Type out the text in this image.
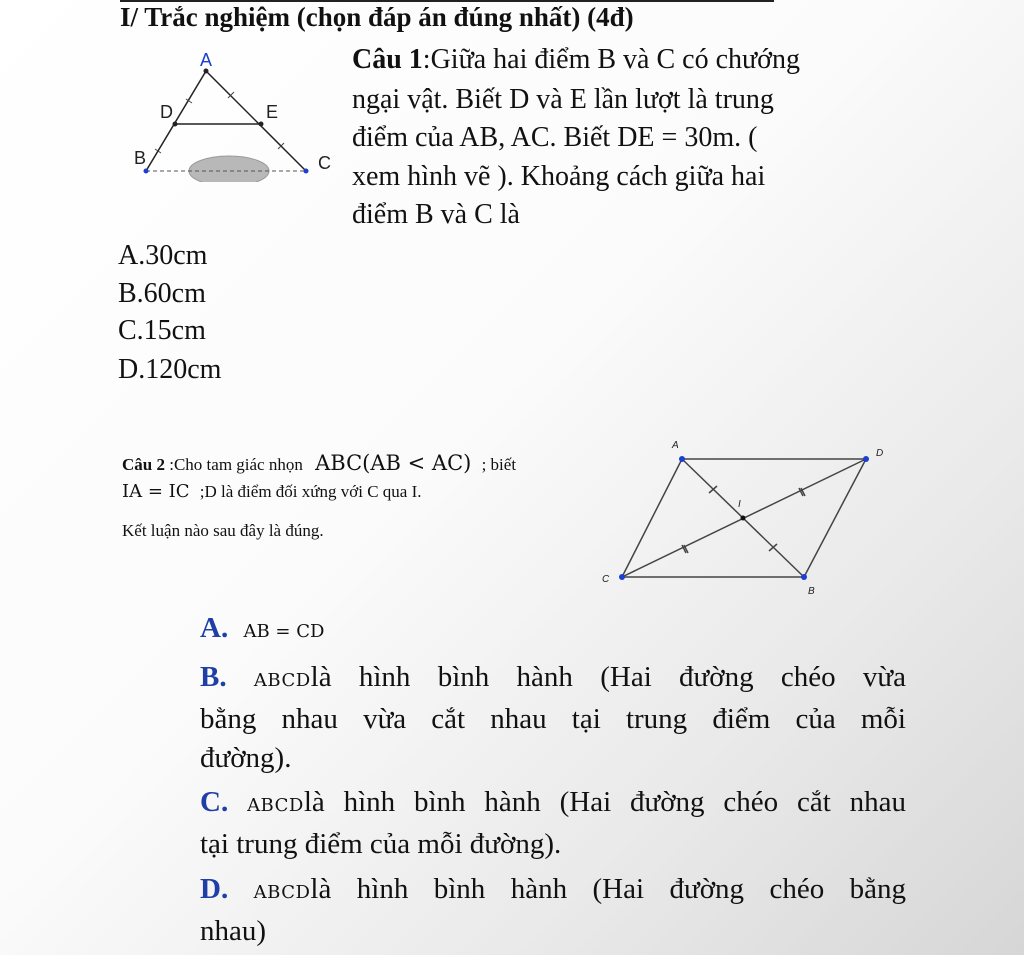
I/ Trắc nghiệm (chọn đáp án đúng nhất) (4đ)
A
D	E
B	C
Câu 1:Giữa hai điểm B và C có chướng
ngại vật. Biết D và E lần lượt là trung
điểm của AB, AC. Biết DE = 30m. (
xem hình vẽ ). Khoảng cách giữa hai
điểm B và C là
A.30cm
B.60cm
C.15cm
D.120cm
Câu 2 :Cho tam giác nhọn ABC(AB < AC) ; biết
IA = IC ;D là điểm đối xứng với C qua I.
Kết luận nào sau đây là đúng.
A
D
B
C
I
A. AB = CD
B. ABCDlà hình bình hành (Hai đường chéo vừa
bằng nhau vừa cắt nhau tại trung điểm của mỗi
đường).
C. ABCDlà hình bình hành (Hai đường chéo cắt nhau
tại trung điểm của mỗi đường).
D. ABCDlà hình bình hành (Hai đường chéo bằng
nhau)
